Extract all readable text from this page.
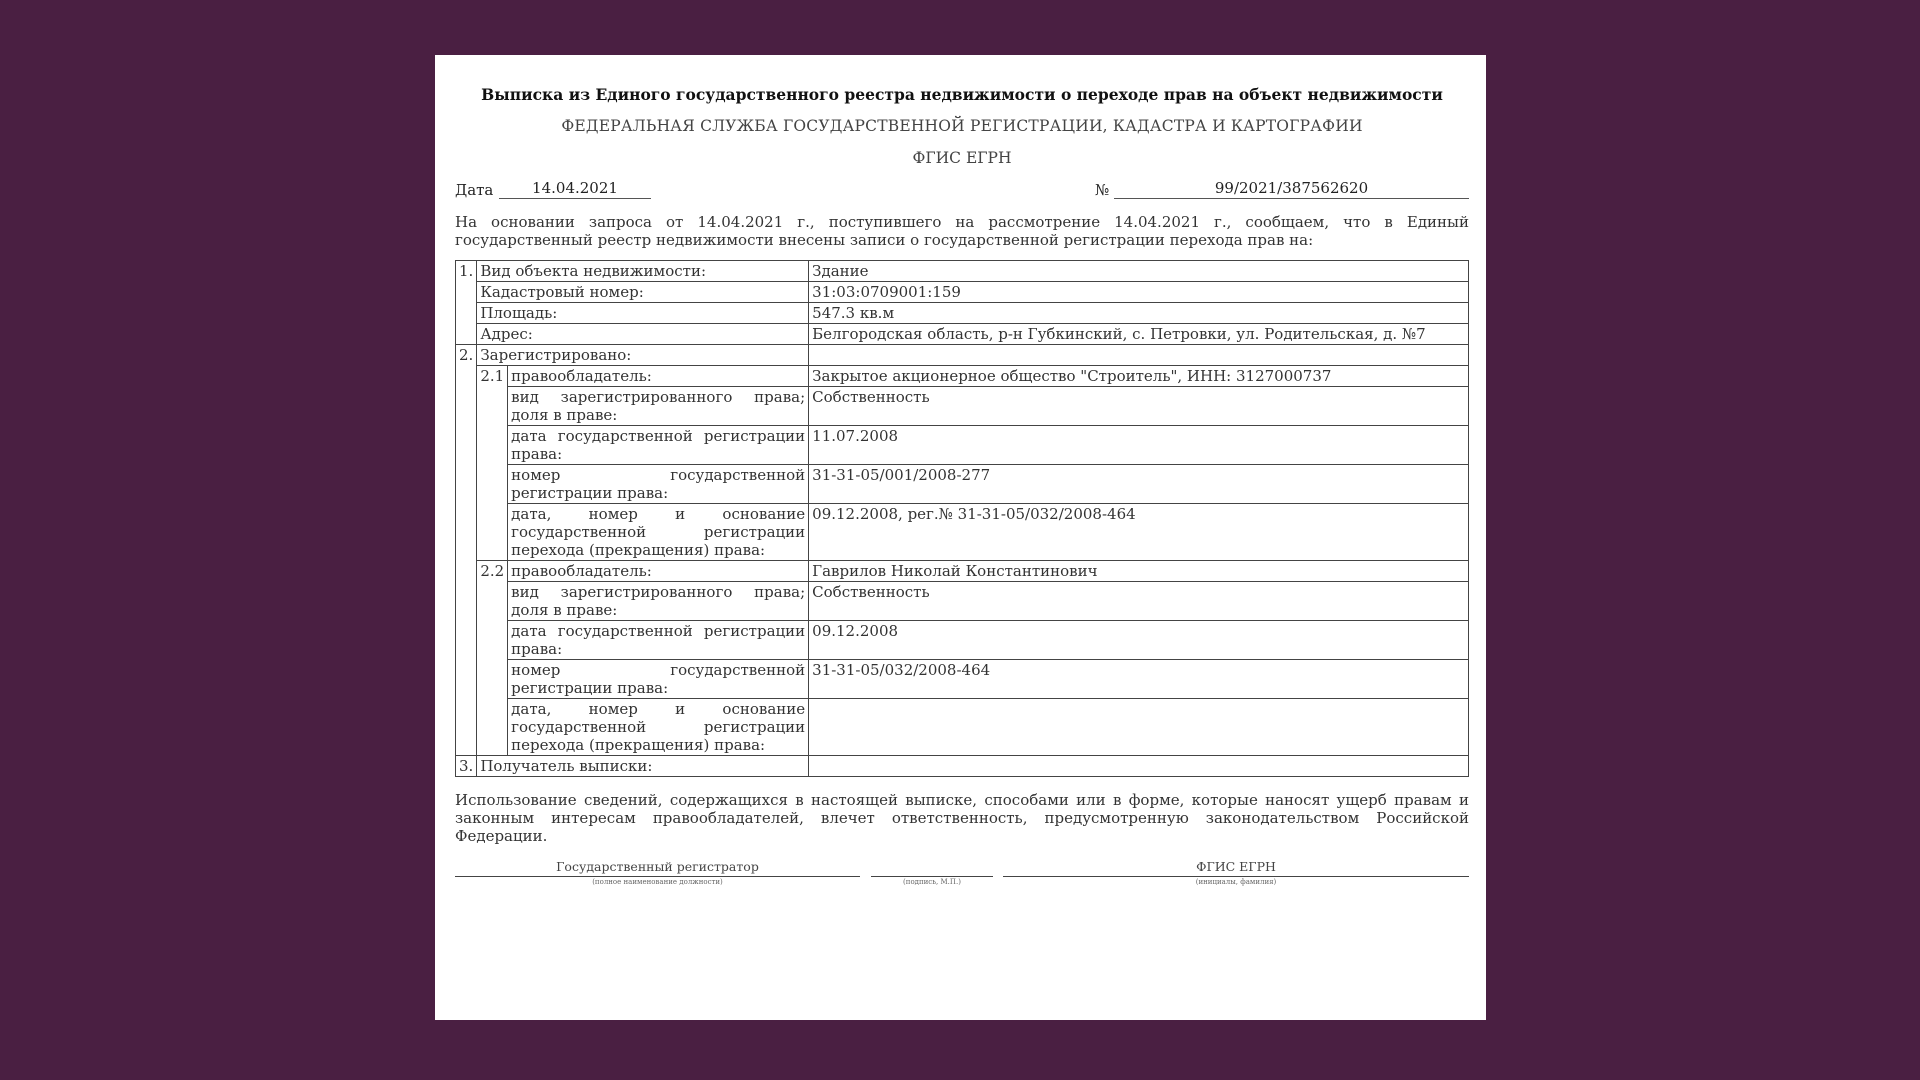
Выписка из Единого государственного реестра недвижимости о переходе прав на объект недвижимости
ФЕДЕРАЛЬНАЯ СЛУЖБА ГОСУДАРСТВЕННОЙ РЕГИСТРАЦИИ, КАДАСТРА И КАРТОГРАФИИ
ФГИС ЕГРН
Дата	14.04.2021	№	99/2021/387562620
На основании запроса от 14.04.2021 г., поступившего на рассмотрение 14.04.2021 г., сообщаем, что в Единый государственный реестр недвижимости внесены записи о государственной регистрации перехода прав на:
1.	Вид объекта недвижимости:		Здание
	Кадастровый номер:		31:03:0709001:159
	Площадь:		547.3 кв.м
	Адрес:		Белгородская область, р-н Губкинский, с. Петровки, ул. Родительская, д. №7
2.	Зарегистрировано:		
	2.1	правообладатель:	Закрытое акционерное общество "Строитель", ИНН: 3127000737
		вид зарегистрированного права; доля в праве:	Собственность
		дата государственной регистрации права:	11.07.2008
		номер государственной регистрации права:	31-31-05/001/2008-277
		дата, номер и основание государственной регистрации перехода (прекращения) права:	09.12.2008, рег.№ 31-31-05/032/2008-464
	2.2	правообладатель:	Гаврилов Николай Константинович
		вид зарегистрированного права; доля в праве:	Собственность
		дата государственной регистрации права:	09.12.2008
		номер государственной регистрации права:	31-31-05/032/2008-464
		дата, номер и основание государственной регистрации перехода (прекращения) права:	
3.	Получатель выписки:		
Использование сведений, содержащихся в настоящей выписке, способами или в форме, которые наносят ущерб правам и законным интересам правообладателей, влечет ответственность, предусмотренную законодательством Российской Федерации.
Государственный регистратор
(полное наименование должности)	(подпись, М.П.)
ФГИС ЕГРН
(инициалы, фамилия)
